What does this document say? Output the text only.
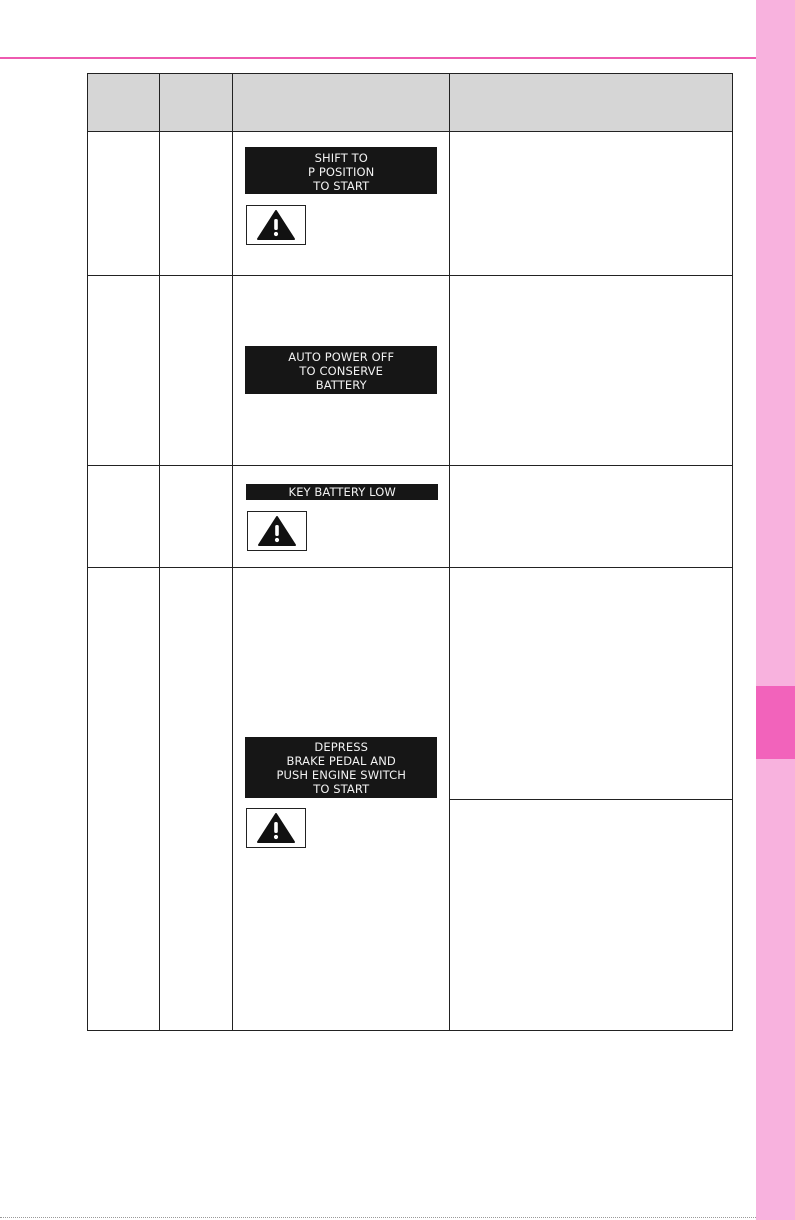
		SHIFT TO
P POSITION
TO START	

		AUTO POWER OFF
TO CONSERVE
BATTERY	

		KEY BATTERY LOW	

		DEPRESS
BRAKE PEDAL AND
PUSH ENGINE SWITCH
TO START	
